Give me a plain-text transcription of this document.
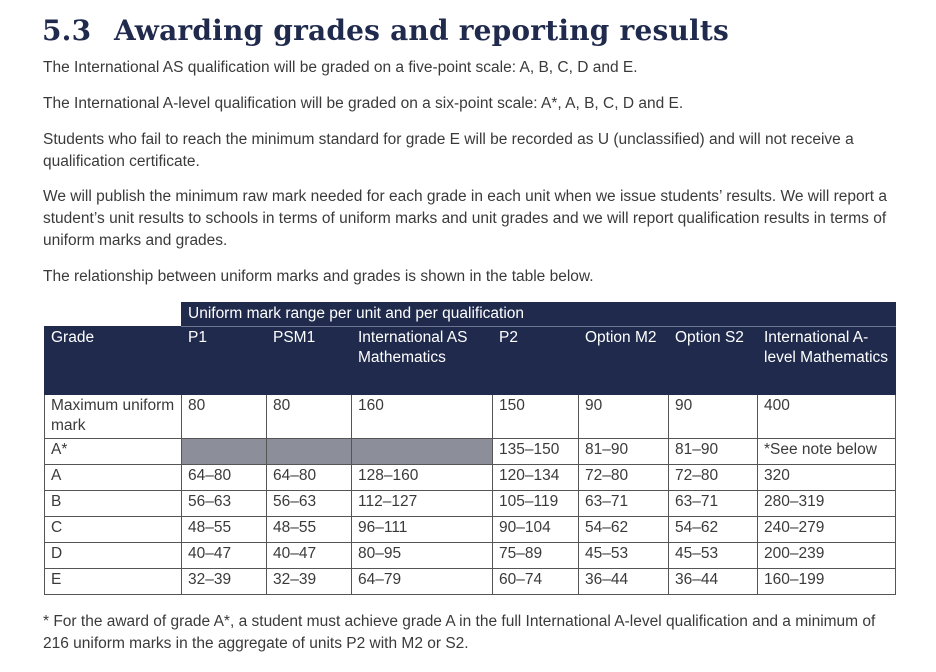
5.3 Awarding grades and reporting results

The International AS qualification will be graded on a five-point scale: A, B, C, D and E.

The International A-level qualification will be graded on a six-point scale: A*, A, B, C, D and E.

Students who fail to reach the minimum standard for grade E will be recorded as U (unclassified) and will not receive a qualification certificate.

We will publish the minimum raw mark needed for each grade in each unit when we issue students’ results. We will report a student’s unit results to schools in terms of uniform marks and unit grades and we will report qualification results in terms of uniform marks and grades.

The relationship between uniform marks and grades is shown in the table below.

	Uniform mark range per unit and per qualification						
Grade	P1	PSM1	International AS Mathematics	P2	Option M2	Option S2	International A-level Mathematics
Maximum uniform mark	80	80	160	150	90	90	400
A*				135–150	81–90	81–90	*See note below
A	64–80	64–80	128–160	120–134	72–80	72–80	320
B	56–63	56–63	112–127	105–119	63–71	63–71	280–319
C	48–55	48–55	96–111	90–104	54–62	54–62	240–279
D	40–47	40–47	80–95	75–89	45–53	45–53	200–239
E	32–39	32–39	64–79	60–74	36–44	36–44	160–199

* For the award of grade A*, a student must achieve grade A in the full International A-level qualification and a minimum of 216 uniform marks in the aggregate of units P2 with M2 or S2.
